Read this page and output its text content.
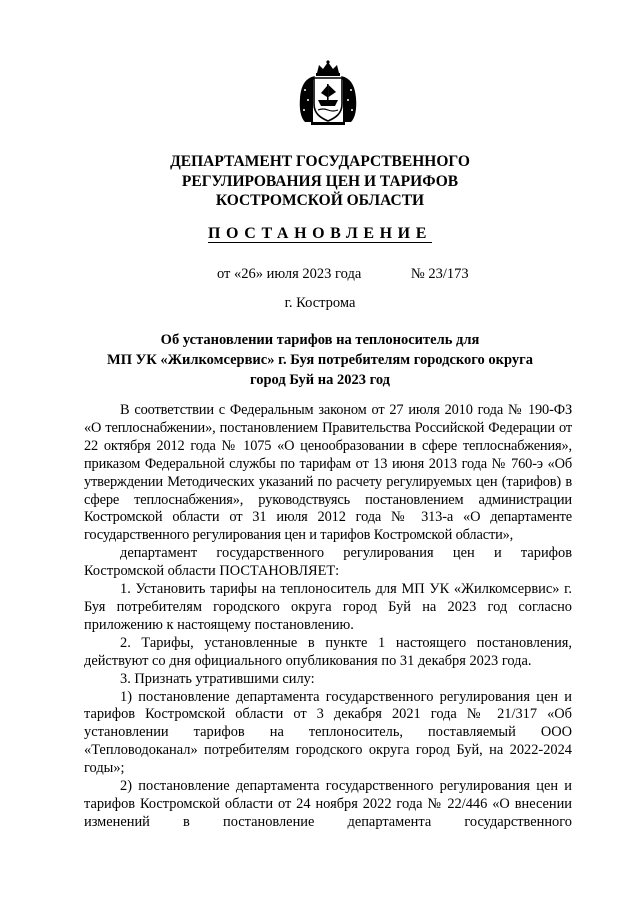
ДЕПАРТАМЕНТ ГОСУДАРСТВЕННОГО
РЕГУЛИРОВАНИЯ ЦЕН И ТАРИФОВ
КОСТРОМСКОЙ ОБЛАСТИ
ПОСТАНОВЛЕНИЕ
от «26» июля 2023 года	№ 23/173
г. Кострома
Об установлении тарифов на теплоноситель для
МП УК «Жилкомсервис» г. Буя потребителям городского округа
город Буй на 2023 год

В соответствии с Федеральным законом от 27 июля 2010 года № 190-ФЗ «О теплоснабжении», постановлением Правительства Российской Федерации от 22 октября 2012 года № 1075 «О ценообразовании в сфере теплоснабжения», приказом Федеральной службы по тарифам от 13 июня 2013 года № 760-э «Об утверждении Методических указаний по расчету регулируемых цен (тарифов) в сфере теплоснабжения», руководствуясь постановлением администрации Костромской области от 31 июля 2012 года № 313-а «О департаменте государственного регулирования цен и тарифов Костромской области»,

департамент государственного регулирования цен и тарифов Костромской области ПОСТАНОВЛЯЕТ:

1. Установить тарифы на теплоноситель для МП УК «Жилкомсервис» г. Буя потребителям городского округа город Буй на 2023 год согласно приложению к настоящему постановлению.

2. Тарифы, установленные в пункте 1 настоящего постановления, действуют со дня официального опубликования по 31 декабря 2023 года.

3. Признать утратившими силу:

1) постановление департамента государственного регулирования цен и тарифов Костромской области от 3 декабря 2021 года № 21/317 «Об установлении тарифов на теплоноситель, поставляемый ООО «Тепловодоканал» потребителям городского округа город Буй, на 2022-2024 годы»;

2) постановление департамента государственного регулирования цен и тарифов Костромской области от 24 ноября 2022 года № 22/446 «О внесении изменений в постановление департамента государственного
